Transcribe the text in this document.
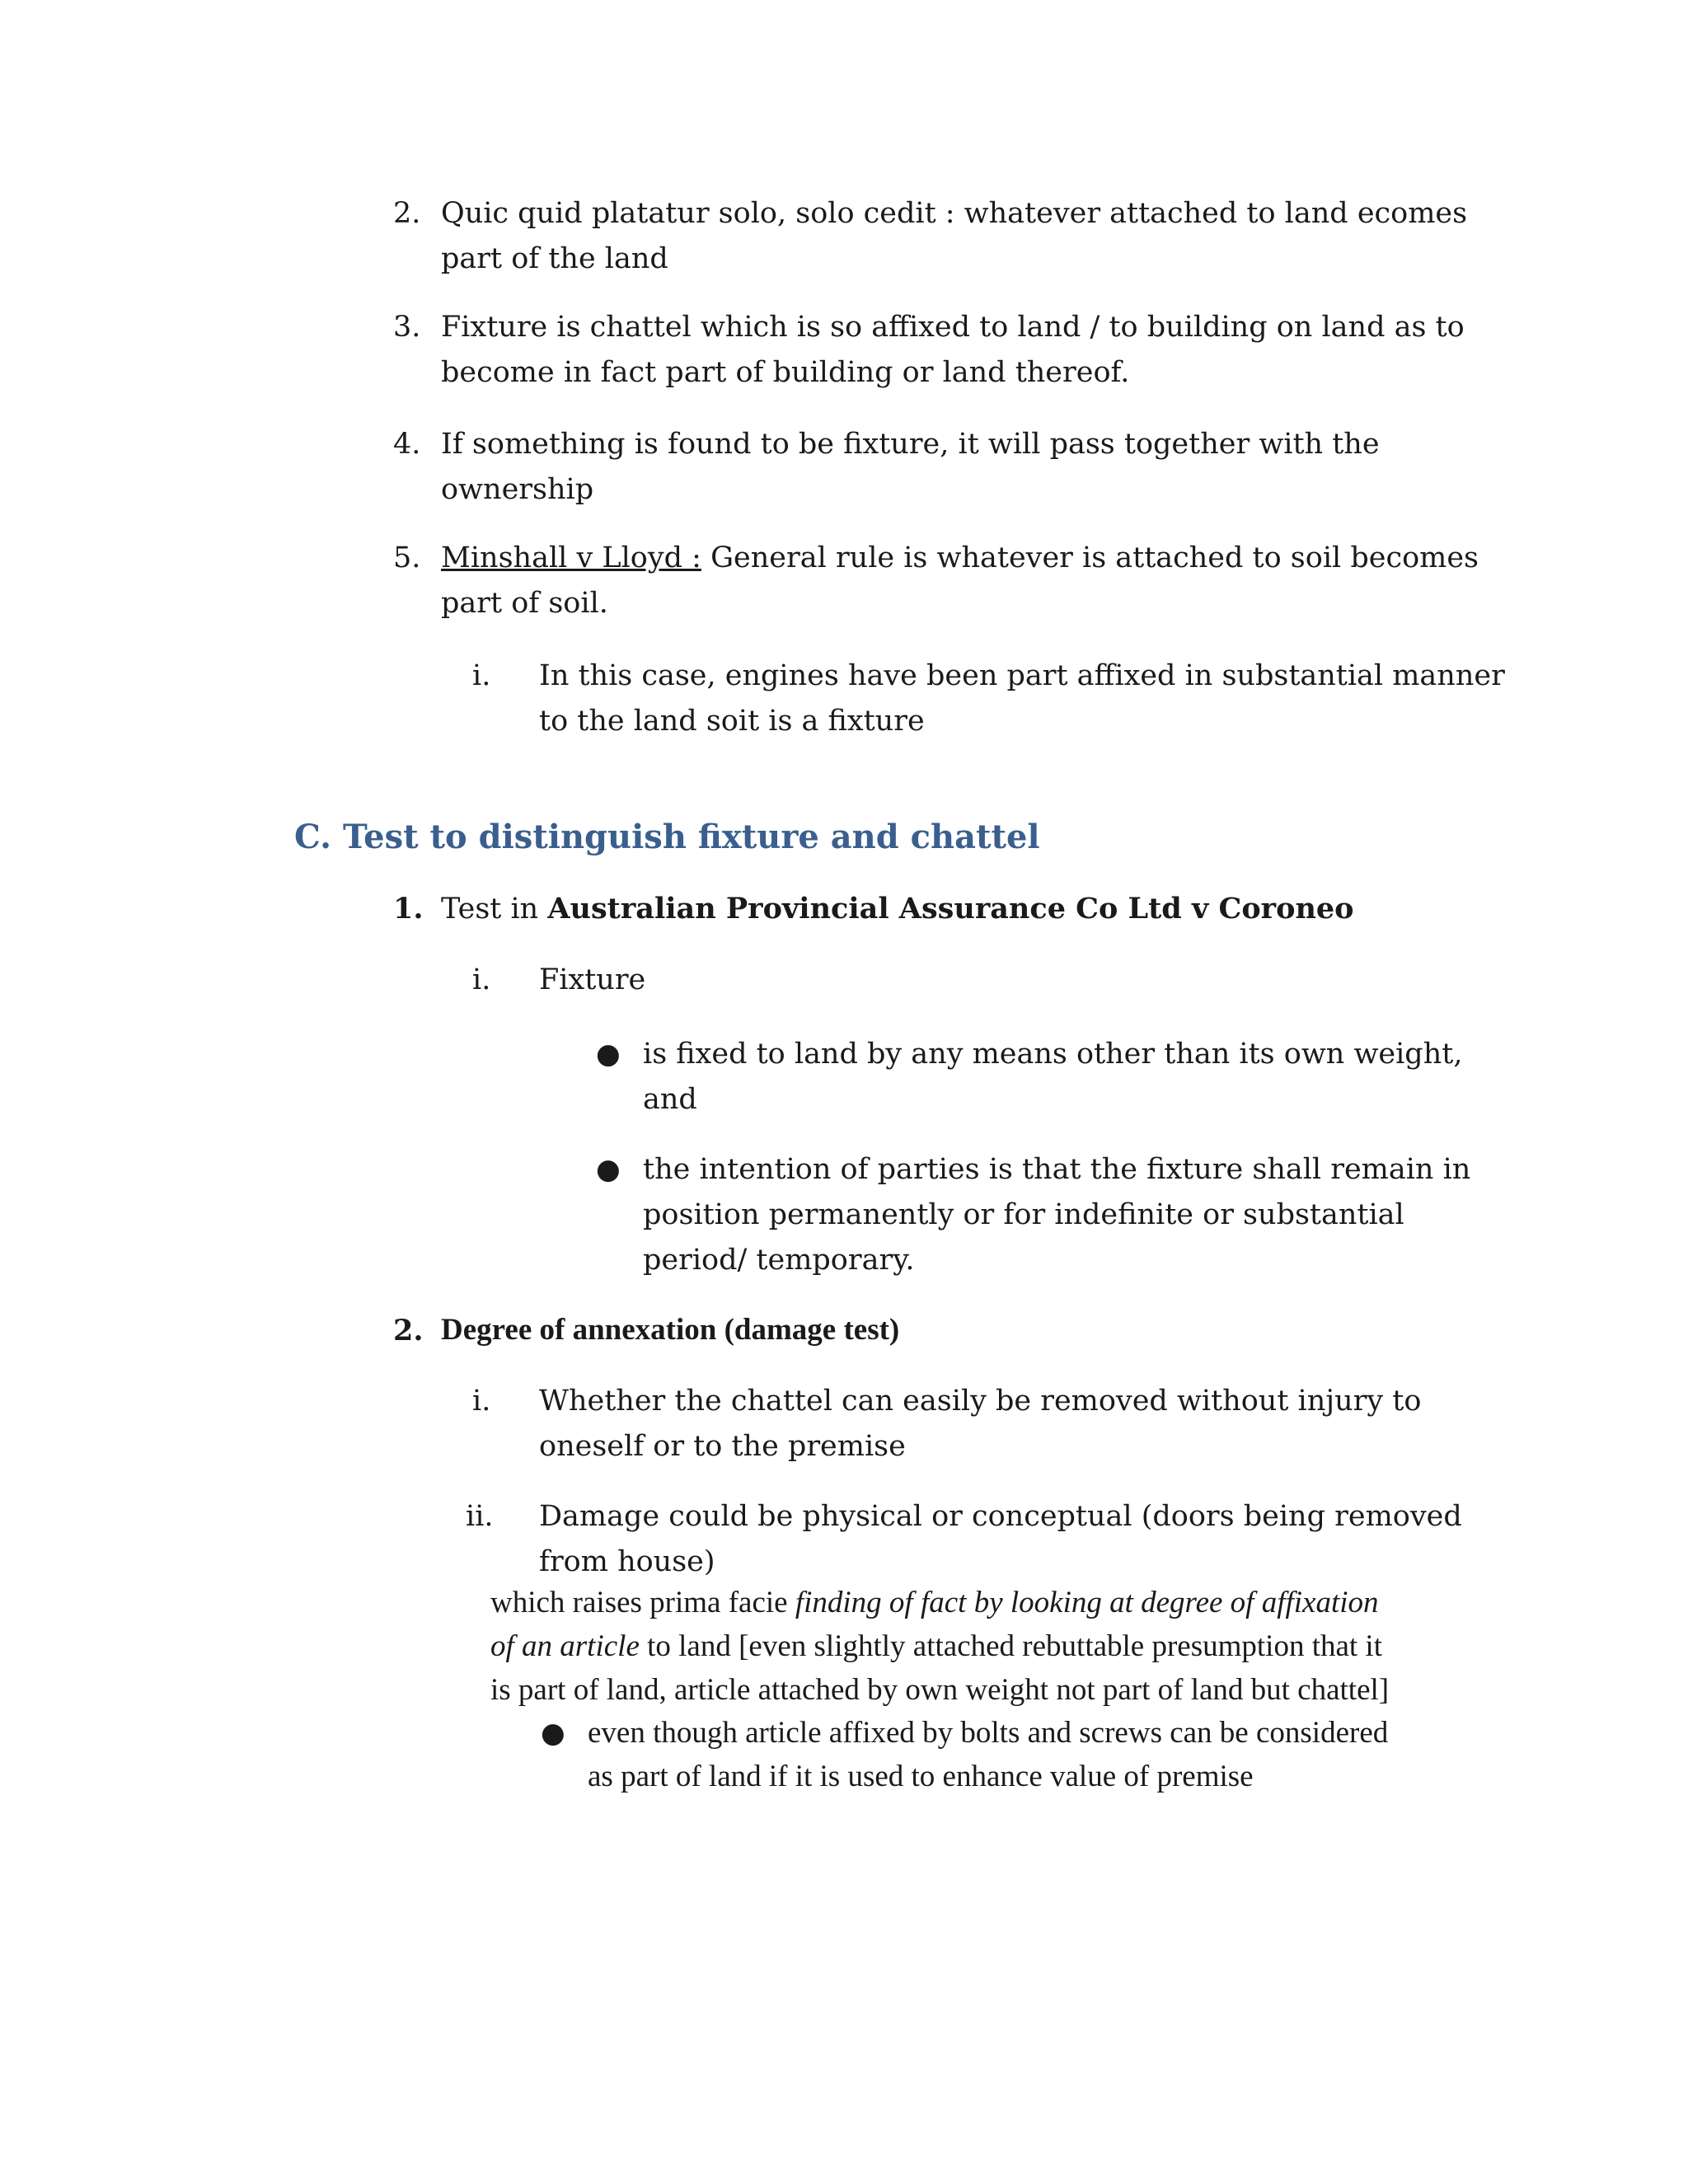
2. Quic quid platatur solo, solo cedit : whatever attached to land ecomes
part of the land

3. Fixture is chattel which is so affixed to land / to building on land as to
become in fact part of building or land thereof.

4. If something is found to be fixture, it will pass together with the
ownership

5. Minshall v Lloyd : General rule is whatever is attached to soil becomes
part of soil.

i. In this case, engines have been part affixed in substantial manner
to the land soit is a fixture

C. Test to distinguish fixture and chattel

1. Test in Australian Provincial Assurance Co Ltd v Coroneo

i. Fixture

● is fixed to land by any means other than its own weight,
and

● the intention of parties is that the fixture shall remain in
position permanently or for indefinite or substantial
period/ temporary.

2. Degree of annexation (damage test)

i. Whether the chattel can easily be removed without injury to
oneself or to the premise

ii. Damage could be physical or conceptual (doors being removed
from house)
which raises prima facie finding of fact by looking at degree of affixation
of an article to land [even slightly attached rebuttable presumption that it
is part of land, article attached by own weight not part of land but chattel]

● even though article affixed by bolts and screws can be considered
as part of land if it is used to enhance value of premise
